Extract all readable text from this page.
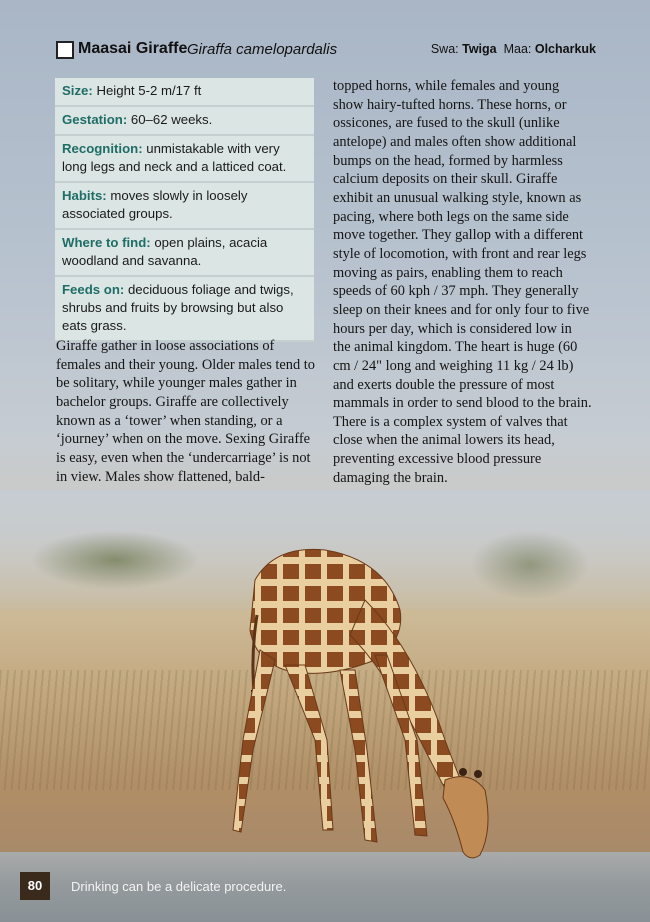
Maasai Giraffe Giraffa camelopardalis	Swa: Twiga Maa: Olcharkuk
Size: Height 5-2 m/17 ft
Gestation: 60–62 weeks.
Recognition: unmistakable with very long legs and neck and a latticed coat.
Habits: moves slowly in loosely associated groups.
Where to find: open plains, acacia woodland and savanna.
Feeds on: deciduous foliage and twigs, shrubs and fruits by browsing but also eats grass.
Giraffe gather in loose associations of females and their young. Older males tend to be solitary, while younger males gather in bachelor groups. Giraffe are collectively known as a ‘tower’ when standing, or a ‘journey’ when on the move. Sexing Giraffe is easy, even when the ‘undercarriage’ is not in view. Males show flattened, bald-
topped horns, while females and young show hairy-tufted horns. These horns, or ossicones, are fused to the skull (unlike antelope) and males often show additional bumps on the head, formed by harmless calcium deposits on their skull. Giraffe exhibit an unusual walking style, known as pacing, where both legs on the same side move together. They gallop with a different style of locomotion, with front and rear legs moving as pairs, enabling them to reach speeds of 60 kph / 37 mph. They generally sleep on their knees and for only four to five hours per day, which is considered low in the animal kingdom. The heart is huge (60 cm / 24" long and weighing 11 kg / 24 lb) and exerts double the pressure of most mammals in order to send blood to the brain. There is a complex system of valves that close when the animal lowers its head, preventing excessive blood pressure damaging the brain.
80	Drinking can be a delicate procedure.
